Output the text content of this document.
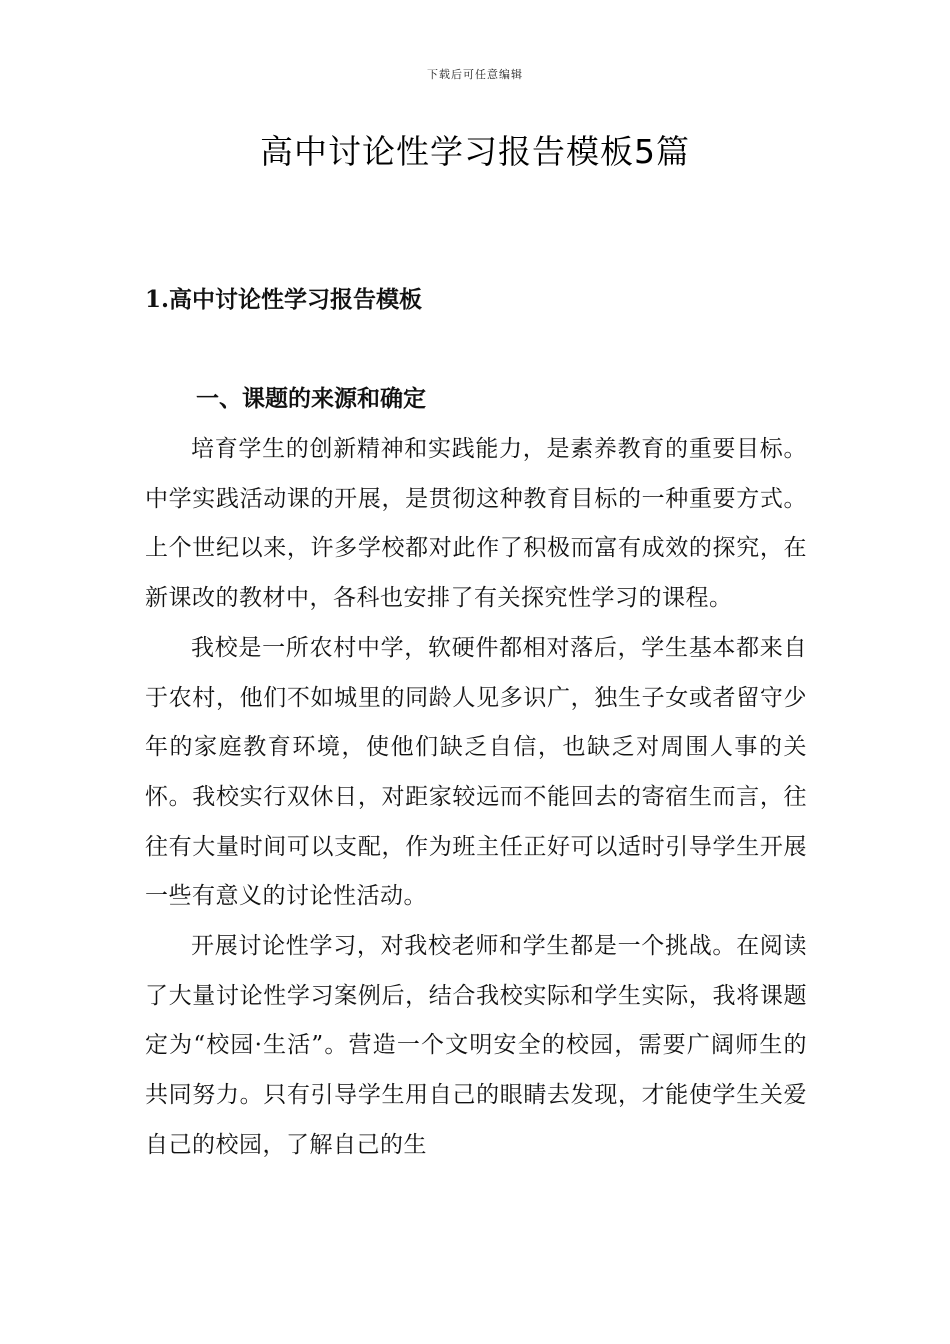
下载后可任意编辑
高中讨论性学习报告模板5篇
1.高中讨论性学习报告模板
一、课题的来源和确定

培育学生的创新精神和实践能力，是素养教育的重要目标。中学实践活动课的开展，是贯彻这种教育目标的一种重要方式。上个世纪以来，许多学校都对此作了积极而富有成效的探究，在新课改的教材中，各科也安排了有关探究性学习的课程。

我校是一所农村中学，软硬件都相对落后，学生基本都来自于农村，他们不如城里的同龄人见多识广，独生子女或者留守少年的家庭教育环境，使他们缺乏自信，也缺乏对周围人事的关怀。我校实行双休日，对距家较远而不能回去的寄宿生而言，往往有大量时间可以支配，作为班主任正好可以适时引导学生开展一些有意义的讨论性活动。

开展讨论性学习，对我校老师和学生都是一个挑战。在阅读了大量讨论性学习案例后，结合我校实际和学生实际，我将课题定为“校园·生活”。营造一个文明安全的校园，需要广阔师生的共同努力。只有引导学生用自己的眼睛去发现，才能使学生关爱自己的校园，了解自己的生
